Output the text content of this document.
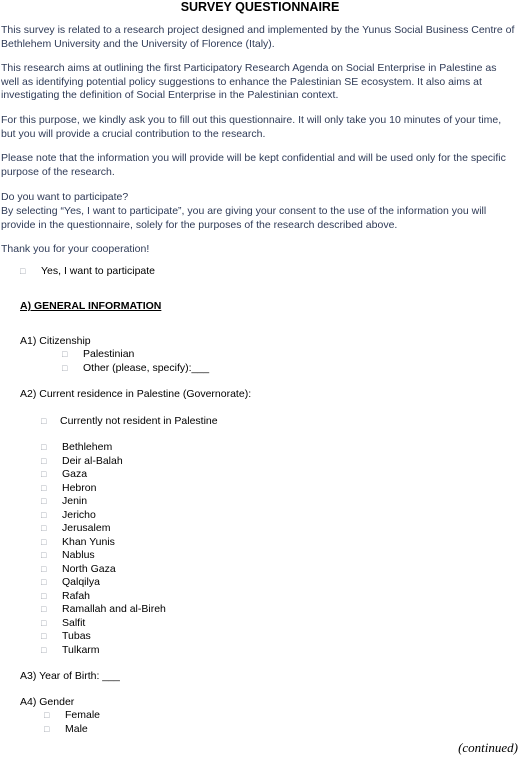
SURVEY QUESTIONNAIRE
This survey is related to a research project designed and implemented by the Yunus Social Business Centre of Bethlehem University and the University of Florence (Italy).
This research aims at outlining the first Participatory Research Agenda on Social Enterprise in Palestine as well as identifying potential policy suggestions to enhance the Palestinian SE ecosystem. It also aims at investigating the definition of Social Enterprise in the Palestinian context.
For this purpose, we kindly ask you to fill out this questionnaire. It will only take you 10 minutes of your time, but you will provide a crucial contribution to the research.
Please note that the information you will provide will be kept confidential and will be used only for the specific purpose of the research.
Do you want to participate?
By selecting “Yes, I want to participate”, you are giving your consent to the use of the information you will provide in the questionnaire, solely for the purposes of the research described above.
Thank you for your cooperation!
□ Yes, I want to participate
A) GENERAL INFORMATION
A1) Citizenship
□ Palestinian
□ Other (please, specify):___
A2) Current residence in Palestine (Governorate):
□ Currently not resident in Palestine
□ Bethlehem
□ Deir al-Balah
□ Gaza
□ Hebron
□ Jenin
□ Jericho
□ Jerusalem
□ Khan Yunis
□ Nablus
□ North Gaza
□ Qalqilya
□ Rafah
□ Ramallah and al-Bireh
□ Salfit
□ Tubas
□ Tulkarm
A3) Year of Birth: ___
A4) Gender
□ Female
□ Male
(continued)
